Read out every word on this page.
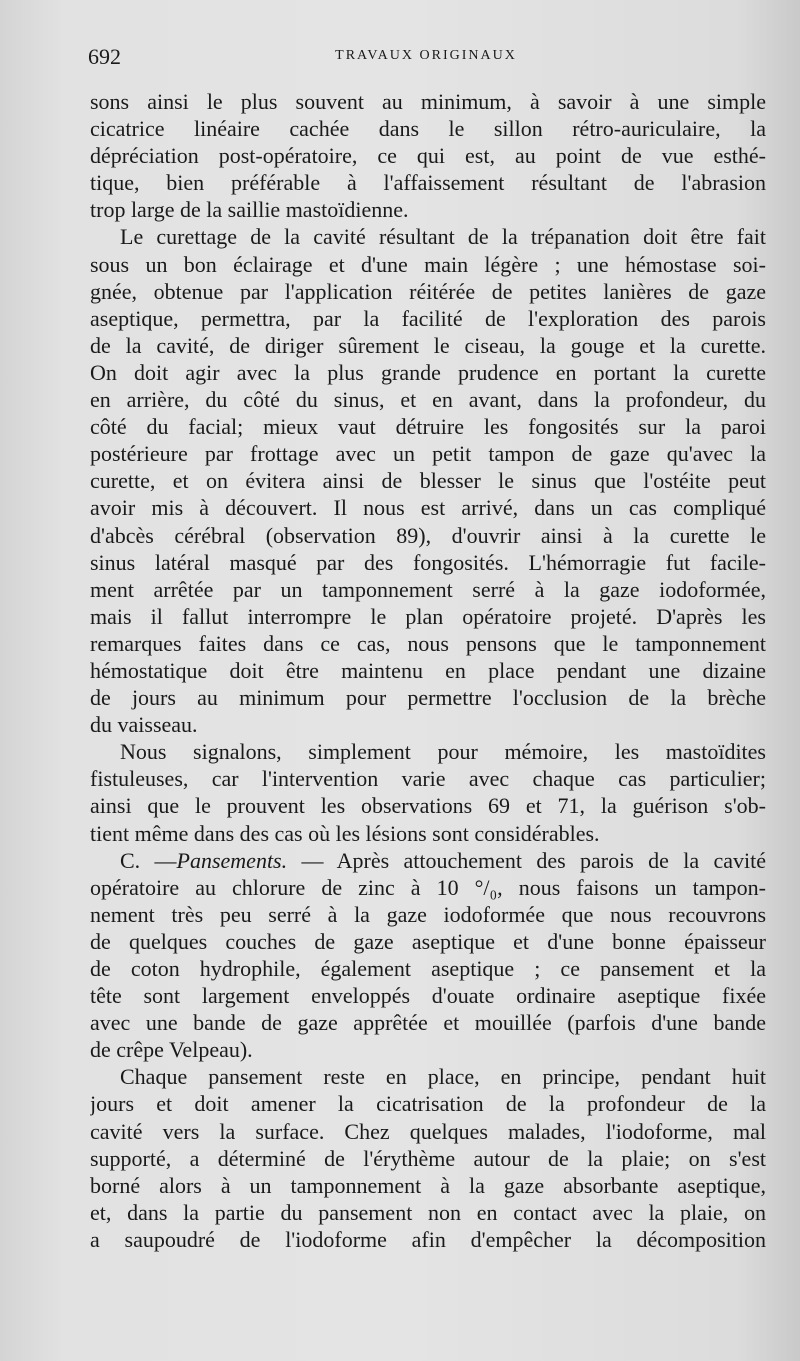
692	TRAVAUX ORIGINAUX
sons ainsi le plus souvent au minimum, à savoir à une simple
cicatrice linéaire cachée dans le sillon rétro-auriculaire, la
dépréciation post-opératoire, ce qui est, au point de vue esthé-
tique, bien préférable à l'affaissement résultant de l'abrasion
trop large de la saillie mastoïdienne.
Le curettage de la cavité résultant de la trépanation doit être fait
sous un bon éclairage et d'une main légère ; une hémostase soi-
gnée, obtenue par l'application réitérée de petites lanières de gaze
aseptique, permettra, par la facilité de l'exploration des parois
de la cavité, de diriger sûrement le ciseau, la gouge et la curette.
On doit agir avec la plus grande prudence en portant la curette
en arrière, du côté du sinus, et en avant, dans la profondeur, du
côté du facial; mieux vaut détruire les fongosités sur la paroi
postérieure par frottage avec un petit tampon de gaze qu'avec la
curette, et on évitera ainsi de blesser le sinus que l'ostéite peut
avoir mis à découvert. Il nous est arrivé, dans un cas compliqué
d'abcès cérébral (observation 89), d'ouvrir ainsi à la curette le
sinus latéral masqué par des fongosités. L'hémorragie fut facile-
ment arrêtée par un tamponnement serré à la gaze iodoformée,
mais il fallut interrompre le plan opératoire projeté. D'après les
remarques faites dans ce cas, nous pensons que le tamponnement
hémostatique doit être maintenu en place pendant une dizaine
de jours au minimum pour permettre l'occlusion de la brèche
du vaisseau.
Nous signalons, simplement pour mémoire, les mastoïdites
fistuleuses, car l'intervention varie avec chaque cas particulier;
ainsi que le prouvent les observations 69 et 71, la guérison s'ob-
tient même dans des cas où les lésions sont considérables.
C. —Pansements. — Après attouchement des parois de la cavité
opératoire au chlorure de zinc à 10 °/₀, nous faisons un tampon-
nement très peu serré à la gaze iodoformée que nous recouvrons
de quelques couches de gaze aseptique et d'une bonne épaisseur
de coton hydrophile, également aseptique ; ce pansement et la
tête sont largement enveloppés d'ouate ordinaire aseptique fixée
avec une bande de gaze apprêtée et mouillée (parfois d'une bande
de crêpe Velpeau).
Chaque pansement reste en place, en principe, pendant huit
jours et doit amener la cicatrisation de la profondeur de la
cavité vers la surface. Chez quelques malades, l'iodoforme, mal
supporté, a déterminé de l'érythème autour de la plaie; on s'est
borné alors à un tamponnement à la gaze absorbante aseptique,
et, dans la partie du pansement non en contact avec la plaie, on
a saupoudré de l'iodoforme afin d'empêcher la décomposition
